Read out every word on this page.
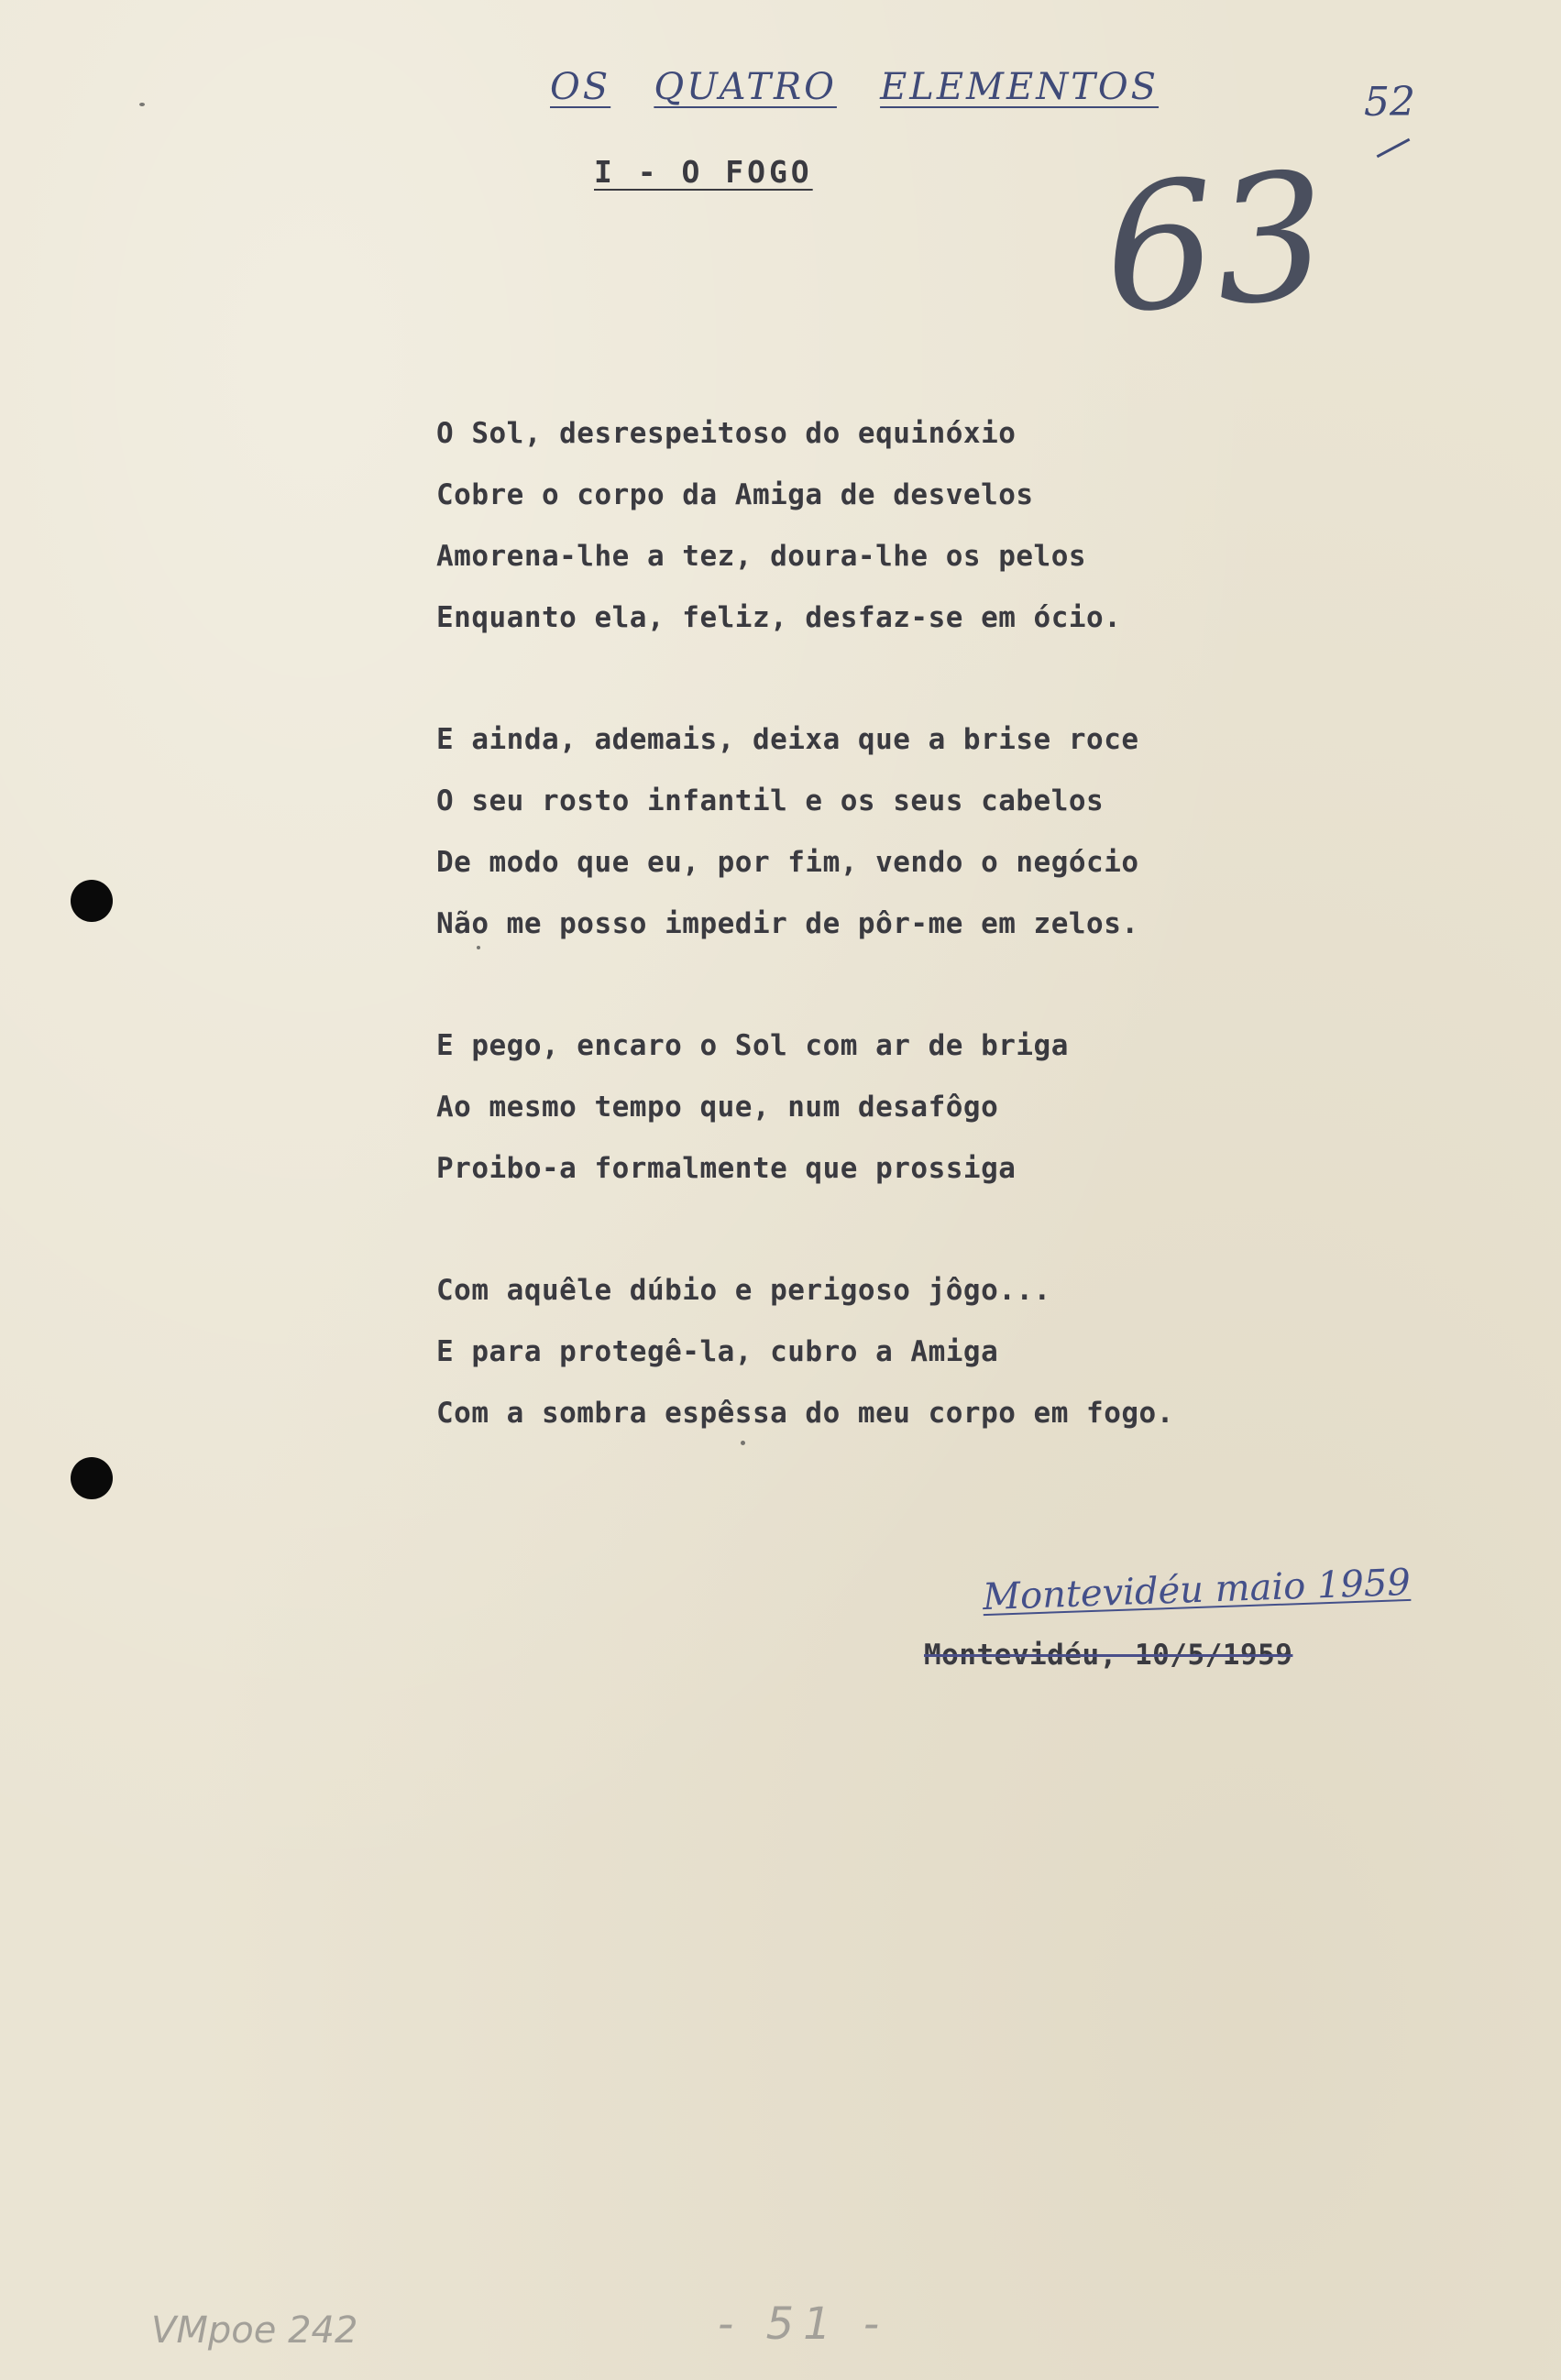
OS QUATRO ELEMENTOS
I - O FOGO
52
63
O Sol, desrespeitoso do equinóxio
Cobre o corpo da Amiga de desvelos
Amorena-lhe a tez, doura-lhe os pelos
Enquanto ela, feliz, desfaz-se em ócio.
E ainda, ademais, deixa que a brise roce
O seu rosto infantil e os seus cabelos
De modo que eu, por fim, vendo o negócio
Não me posso impedir de pôr-me em zelos.
E pego, encaro o Sol com ar de briga
Ao mesmo tempo que, num desafôgo
Proibo-a formalmente que prossiga
Com aquêle dúbio e perigoso jôgo...
E para protegê-la, cubro a Amiga
Com a sombra espêssa do meu corpo em fogo.
Montevidéu maio 1959
Montevidéu, 10/5/1959
VMpoe 242	- 51 -
